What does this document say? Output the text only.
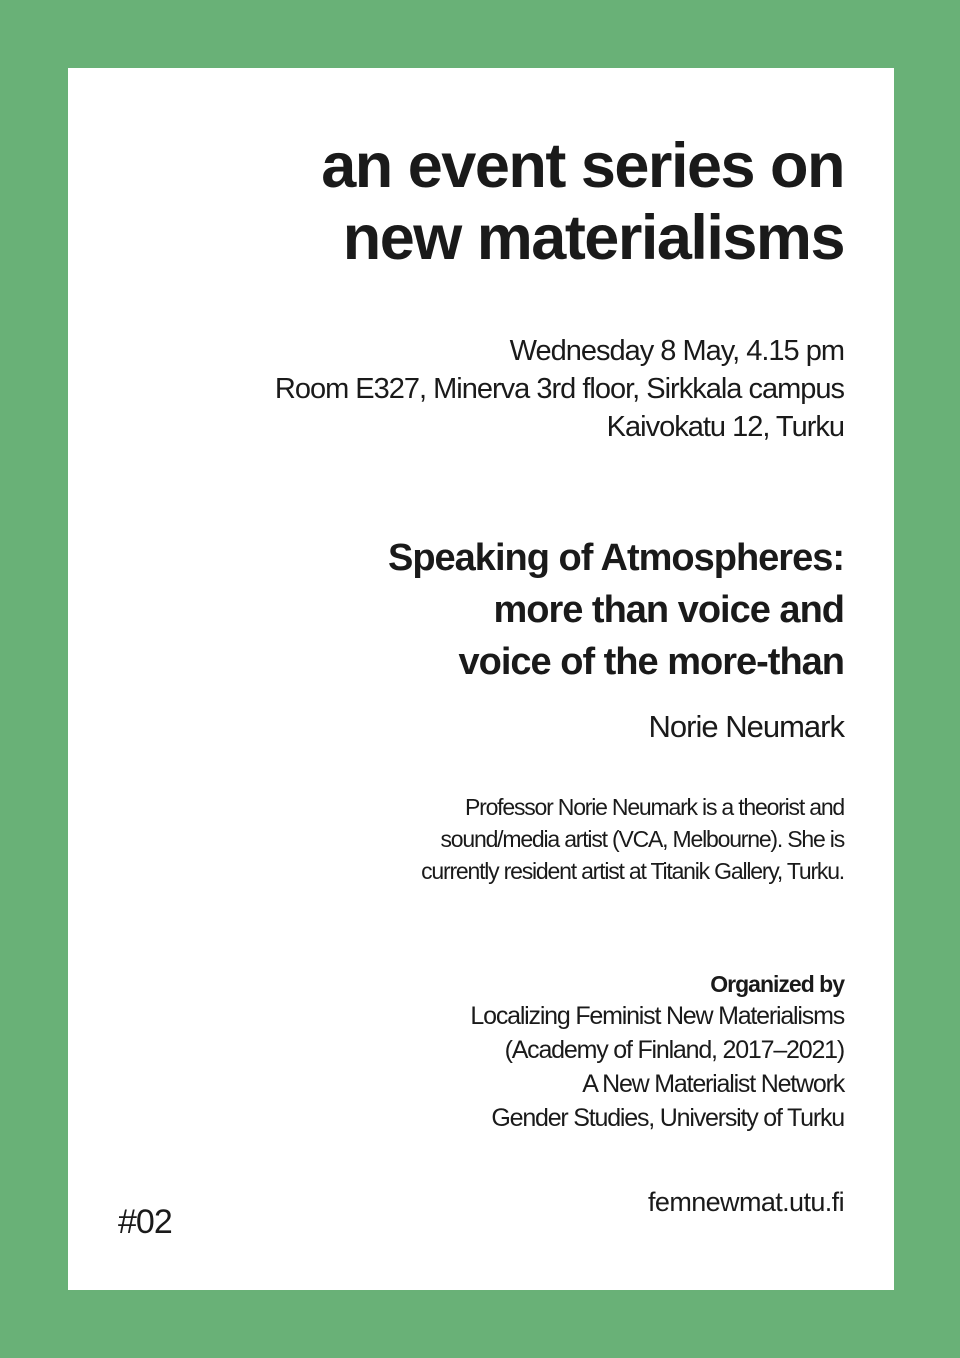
an event series on
new materialisms
Wednesday 8 May, 4.15 pm
Room E327, Minerva 3rd floor, Sirkkala campus
Kaivokatu 12, Turku
Speaking of Atmospheres:
more than voice and
voice of the more-than
Norie Neumark
Professor Norie Neumark is a theorist and
sound/media artist (VCA, Melbourne). She is
currently resident artist at Titanik Gallery, Turku.
Organized by
Localizing Feminist New Materialisms
(Academy of Finland, 2017–2021)
A New Materialist Network
Gender Studies, University of Turku
femnewmat.utu.fi
#02
